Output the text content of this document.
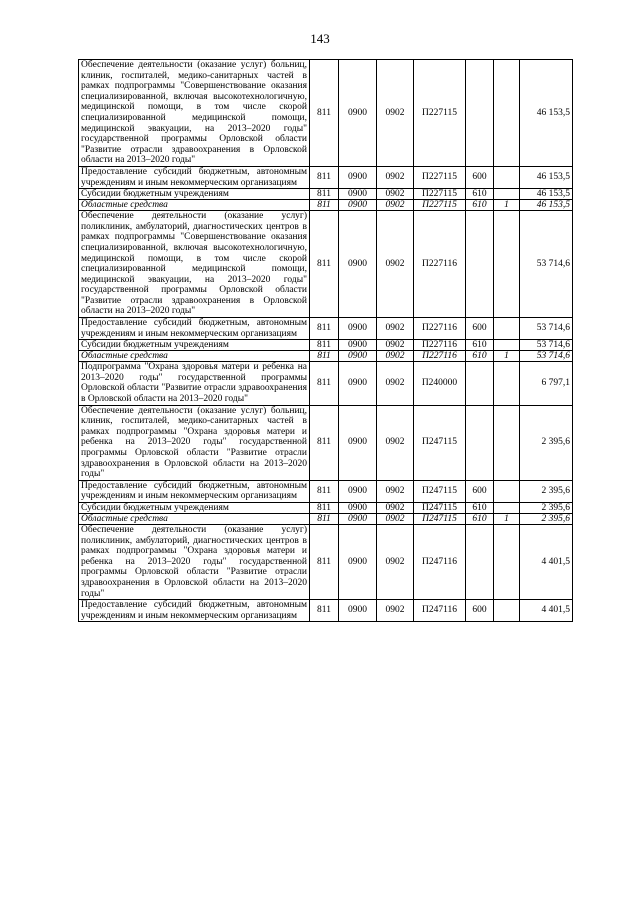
143
Обеспечение деятельности (оказание услуг) больниц, клиник, госпиталей, медико-санитарных частей в рамках подпрограммы "Совершенствование оказания специализированной, включая высокотехнологичную, медицинской помощи, в том числе скорой специализированной медицинской помощи, медицинской эвакуации, на 2013–2020 годы" государственной программы Орловской области "Развитие отрасли здравоохранения в Орловской области на 2013–2020 годы"	811	0900	0902	П227115			46 153,5
Предоставление субсидий бюджетным, автономным учреждениям и иным некоммерческим организациям	811	0900	0902	П227115	600		46 153,5
Субсидии бюджетным учреждениям	811	0900	0902	П227115	610		46 153,5
Областные средства	811	0900	0902	П227115	610	1	46 153,5
Обеспечение деятельности (оказание услуг) поликлиник, амбулаторий, диагностических центров в рамках подпрограммы "Совершенствование оказания специализированной, включая высокотехнологичную, медицинской помощи, в том числе скорой специализированной медицинской помощи, медицинской эвакуации, на 2013–2020 годы" государственной программы Орловской области "Развитие отрасли здравоохранения в Орловской области на 2013–2020 годы"	811	0900	0902	П227116			53 714,6
Предоставление субсидий бюджетным, автономным учреждениям и иным некоммерческим организациям	811	0900	0902	П227116	600		53 714,6
Субсидии бюджетным учреждениям	811	0900	0902	П227116	610		53 714,6
Областные средства	811	0900	0902	П227116	610	1	53 714,6
Подпрограмма "Охрана здоровья матери и ребенка на 2013–2020 годы" государственной программы Орловской области "Развитие отрасли здравоохранения в Орловской области на 2013–2020 годы"	811	0900	0902	П240000			6 797,1
Обеспечение деятельности (оказание услуг) больниц, клиник, госпиталей, медико-санитарных частей в рамках подпрограммы "Охрана здоровья матери и ребенка на 2013–2020 годы" государственной программы Орловской области "Развитие отрасли здравоохранения в Орловской области на 2013–2020 годы"	811	0900	0902	П247115			2 395,6
Предоставление субсидий бюджетным, автономным учреждениям и иным некоммерческим организациям	811	0900	0902	П247115	600		2 395,6
Субсидии бюджетным учреждениям	811	0900	0902	П247115	610		2 395,6
Областные средства	811	0900	0902	П247115	610	1	2 395,6
Обеспечение деятельности (оказание услуг) поликлиник, амбулаторий, диагностических центров в рамках подпрограммы "Охрана здоровья матери и ребенка на 2013–2020 годы" государственной программы Орловской области "Развитие отрасли здравоохранения в Орловской области на 2013–2020 годы"	811	0900	0902	П247116			4 401,5
Предоставление субсидий бюджетным, автономным учреждениям и иным некоммерческим организациям	811	0900	0902	П247116	600		4 401,5
